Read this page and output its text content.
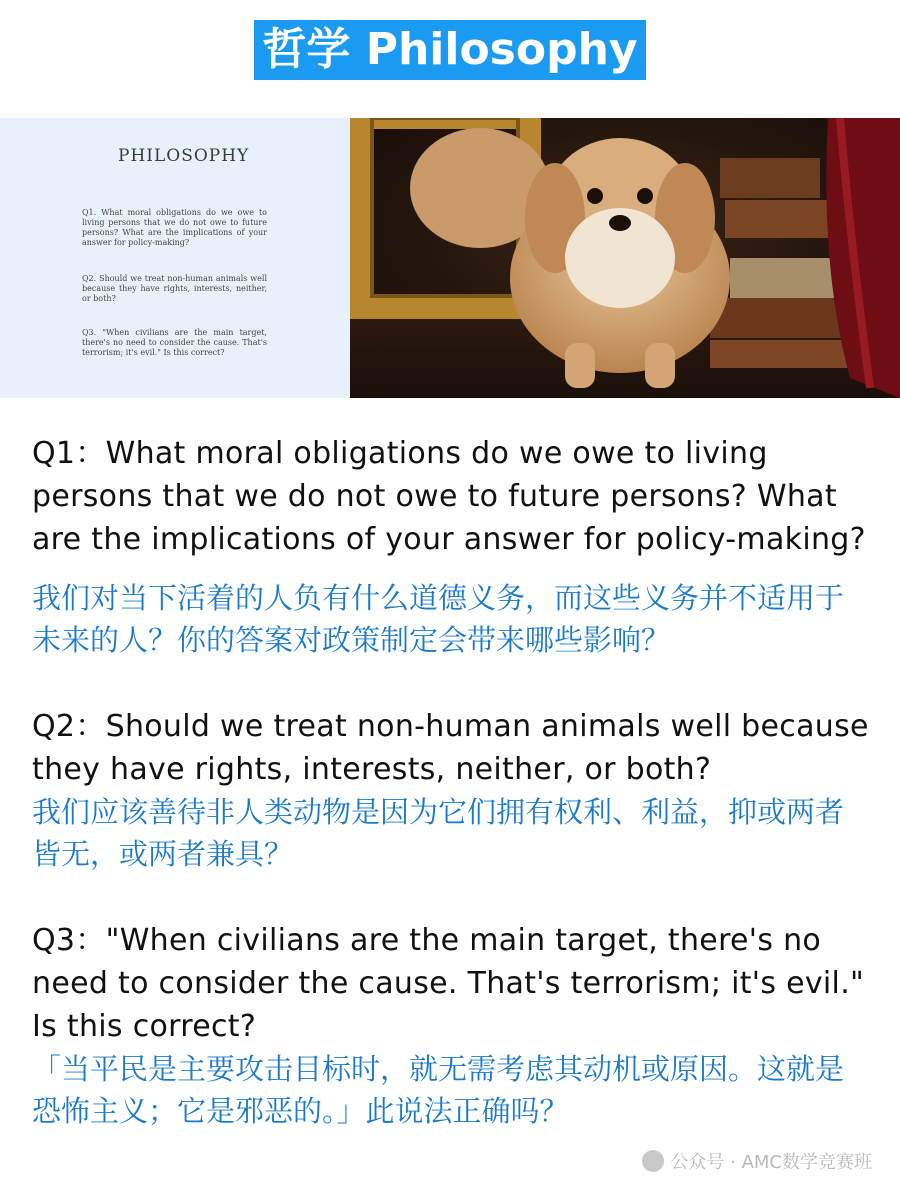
哲学 Philosophy
PHILOSOPHY
Q1. What moral obligations do we owe to living persons that we do not owe to future persons? What are the implications of your answer for policy-making?
Q2. Should we treat non-human animals well because they have rights, interests, neither, or both?
Q3. "When civilians are the main target, there's no need to consider the cause. That's terrorism; it's evil." Is this correct?
Q1：What moral obligations do we owe to living persons that we do not owe to future persons? What are the implications of your answer for policy-making?
我们对当下活着的人负有什么道德义务，而这些义务并不适用于未来的人？你的答案对政策制定会带来哪些影响？
Q2：Should we treat non-human animals well because they have rights, interests, neither, or both?
我们应该善待非人类动物是因为它们拥有权利、利益，抑或两者皆无，或两者兼具？
Q3："When civilians are the main target, there's no need to consider the cause. That's terrorism; it's evil." Is this correct?
「当平民是主要攻击目标时，就无需考虑其动机或原因。这就是恐怖主义；它是邪恶的。」此说法正确吗？
公众号 · AMC数学竞赛班
